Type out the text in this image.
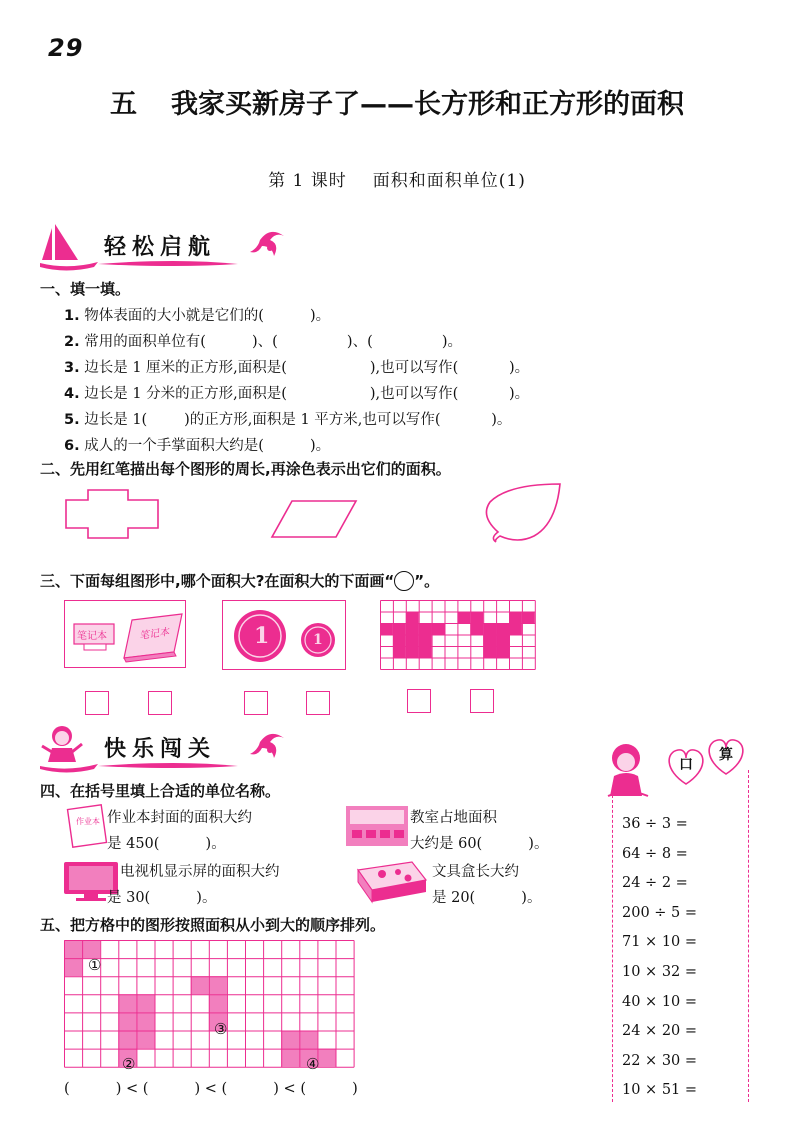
29
五 我家买新房子了——长方形和正方形的面积
第 1 课时 面积和面积单位(1)
轻松启航
一、填一填。
1. 物体表面的大小就是它们的(          )。
2. 常用的面积单位有(          )、(               )、(               )。
3. 边长是 1 厘米的正方形,面积是(                  ),也可以写作(           )。
4. 边长是 1 分米的正方形,面积是(                  ),也可以写作(           )。
5. 边长是 1(        )的正方形,面积是 1 平方米,也可以写作(           )。
6. 成人的一个手掌面积大约是(          )。
二、先用红笔描出每个图形的周长,再涂色表示出它们的面积。
三、下面每组图形中,哪个面积大?在面积大的下面画“ ”。
笔记本	笔记本	1	1
快乐闯关
四、在括号里填上合适的单位名称。
作业本 作业本封面的面积大约
是 450(          )。
教室占地面积
大约是 60(          )。
电视机显示屏的面积大约
是 30(          )。
文具盒长大约
是 20(          )。
五、把方格中的图形按照面积从小到大的顺序排列。
①
②
③
④
(          ) < (          ) < (          ) < (          )
口
算
36 ÷ 3 =
64 ÷ 8 =
24 ÷ 2 =
200 ÷ 5 =
71 × 10 =
10 × 32 =
40 × 10 =
24 × 20 =
22 × 30 =
10 × 51 =
